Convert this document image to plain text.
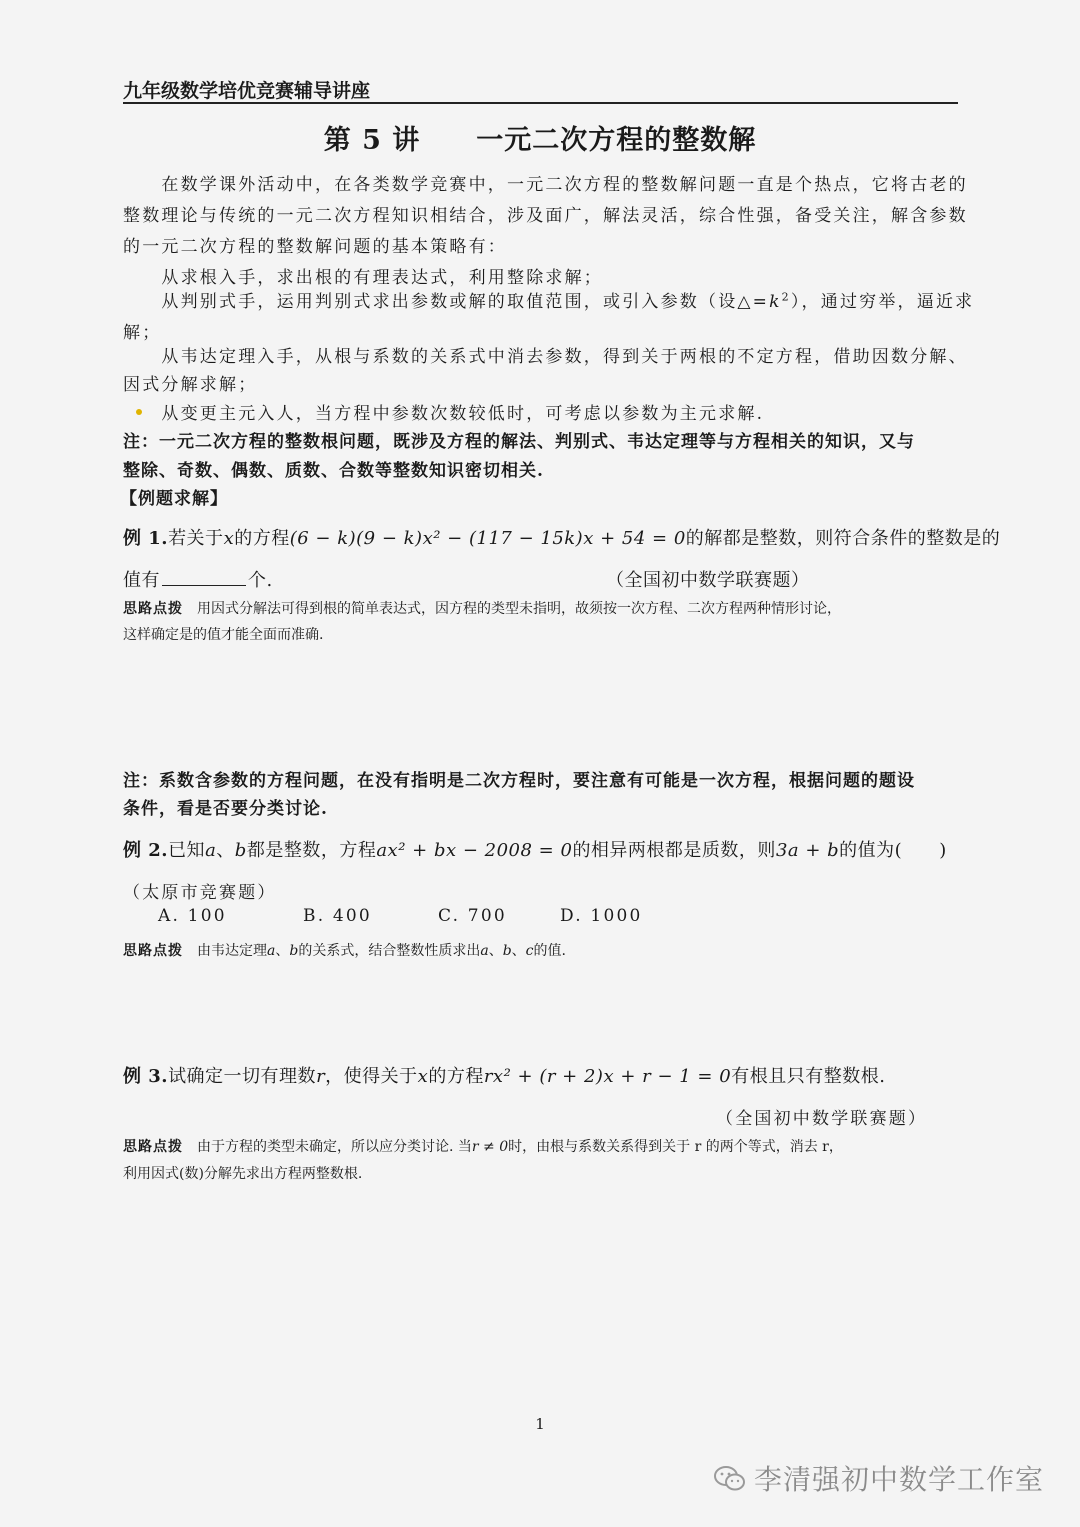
九年级数学培优竞赛辅导讲座
第 5 讲　　一元二次方程的整数解
　　在数学课外活动中，在各类数学竞赛中，一元二次方程的整数解问题一直是个热点，它将古老的
整数理论与传统的一元二次方程知识相结合，涉及面广，解法灵活，综合性强，备受关注，解含参数
的一元二次方程的整数解问题的基本策略有：
　　从求根入手，求出根的有理表达式，利用整除求解；
　　从判别式手，运用判别式求出参数或解的取值范围，或引入参数（设$\triangle=k^2$），通过穷举，逼近求
解；
　　从韦达定理入手，从根与系数的关系式中消去参数，得到关于两根的不定方程，借助因数分解、
因式分解求解；
　　从变更主元入人，当方程中参数次数较低时，可考虑以参数为主元求解.
注：一元二次方程的整数根问题，既涉及方程的解法、判别式、韦达定理等与方程相关的知识，又与
整除、奇数、偶数、质数、合数等整数知识密切相关.
【例题求解】
例 1.若关于x的方程(6 − k)(9 − k)x² − (117 − 15k)x + 54 = 0的解都是整数，则符合条件的整数是的
值有	个.	（全国初中数学联赛题）
思路点拨 用因式分解法可得到根的简单表达式，因方程的类型未指明，故须按一次方程、二次方程两种情形讨论，
这样确定是的值才能全面而准确.
注：系数含参数的方程问题，在没有指明是二次方程时，要注意有可能是一次方程，根据问题的题设
条件，看是否要分类讨论.
例 2.已知a、b都是整数，方程ax² + bx − 2008 = 0的相异两根都是质数，则3a + b的值为(　　)
（太原市竞赛题）
A. 100	B. 400	C. 700	D. 1000
思路点拨 由韦达定理a、b的关系式，结合整数性质求出a、b、c的值.
例 3.试确定一切有理数r，使得关于x的方程rx² + (r + 2)x + r − 1 = 0有根且只有整数根.
（全国初中数学联赛题）
思路点拨 由于方程的类型未确定，所以应分类讨论. 当r ≠ 0时，由根与系数关系得到关于 r 的两个等式，消去 r，
利用因式(数)分解先求出方程两整数根.
1
李清强初中数学工作室
